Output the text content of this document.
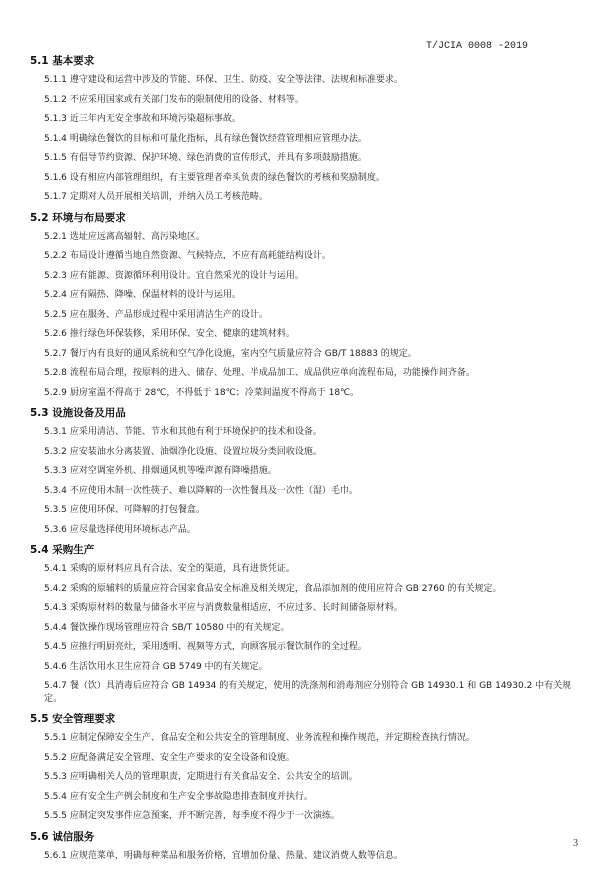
T/JCIA 0008 -2019
5.1 基本要求
5.1.1 遵守建设和运营中涉及的节能、环保、卫生、防疫、安全等法律、法规和标准要求。
5.1.2 不应采用国家或有关部门发布的限制使用的设备、材料等。
5.1.3 近三年内无安全事故和环境污染超标事故。
5.1.4 明确绿色餐饮的目标和可量化指标，具有绿色餐饮经营管理相应管理办法。
5.1.5 有倡导节约资源、保护环境、绿色消费的宣传形式，并具有多项鼓励措施。
5.1.6 设有相应内部管理组织，有主要管理者牵头负责的绿色餐饮的考核和奖励制度。
5.1.7 定期对人员开展相关培训，并纳入员工考核范畴。
5.2 环境与布局要求
5.2.1 选址应远离高辐射、高污染地区。
5.2.2 布局设计遵循当地自然资源、气候特点，不应有高耗能结构设计。
5.2.3 应有能源、资源循环利用设计。宜自然采光的设计与运用。
5.2.4 应有隔热、降噪、保温材料的设计与运用。
5.2.5 应在服务、产品形成过程中采用清洁生产的设计。
5.2.6 推行绿色环保装修，采用环保、安全、健康的建筑材料。
5.2.7 餐厅内有良好的通风系统和空气净化设施，室内空气质量应符合 GB/T 18883 的规定。
5.2.8 流程布局合理，按原料的进入、储存、处理、半成品加工、成品供应单向流程布局，功能操作间齐备。
5.2.9 厨房室温不得高于 28℃，不得低于 18℃；冷菜间温度不得高于 18℃。
5.3 设施设备及用品
5.3.1 应采用清洁、节能、节水和其他有利于环境保护的技术和设备。
5.3.2 应安装油水分离装置、油烟净化设施、设置垃圾分类回收设施。
5.3.3 应对空调室外机、排烟通风机等噪声源有降噪措施。
5.3.4 不应使用木制一次性筷子、难以降解的一次性餐具及一次性（湿）毛巾。
5.3.5 应使用环保、可降解的打包餐盒。
5.3.6 应尽量选择使用环境标志产品。
5.4 采购生产
5.4.1 采购的原材料应具有合法、安全的渠道，具有进货凭证。
5.4.2 采购的原辅料的质量应符合国家食品安全标准及相关规定，食品添加剂的使用应符合 GB 2760 的有关规定。
5.4.3 采购原材料的数量与储备水平应与消费数量相适应，不应过多、长时间储备原材料。
5.4.4 餐饮操作现场管理应符合 SB/T 10580 中的有关规定。
5.4.5 应推行明厨亮灶，采用透明、视频等方式，向顾客展示餐饮制作的全过程。
5.4.6 生活饮用水卫生应符合 GB 5749 中的有关规定。
5.4.7 餐（饮）具消毒后应符合 GB 14934 的有关规定，使用的洗涤剂和消毒剂应分别符合 GB 14930.1 和 GB 14930.2 中有关规定。
5.5 安全管理要求
5.5.1 应制定保障安全生产、食品安全和公共安全的管理制度、业务流程和操作规范，并定期检查执行情况。
5.5.2 应配备满足安全管理、安全生产要求的安全设备和设施。
5.5.3 应明确相关人员的管理职责，定期进行有关食品安全、公共安全的培训。
5.5.4 应有安全生产例会制度和生产安全事故隐患排查制度并执行。
5.5.5 应制定突发事件应急预案，并不断完善，每季度不得少于一次演练。
5.6 诚信服务
5.6.1 应规范菜单，明确每种菜品和服务价格，宜增加份量、热量、建议消费人数等信息。
3
